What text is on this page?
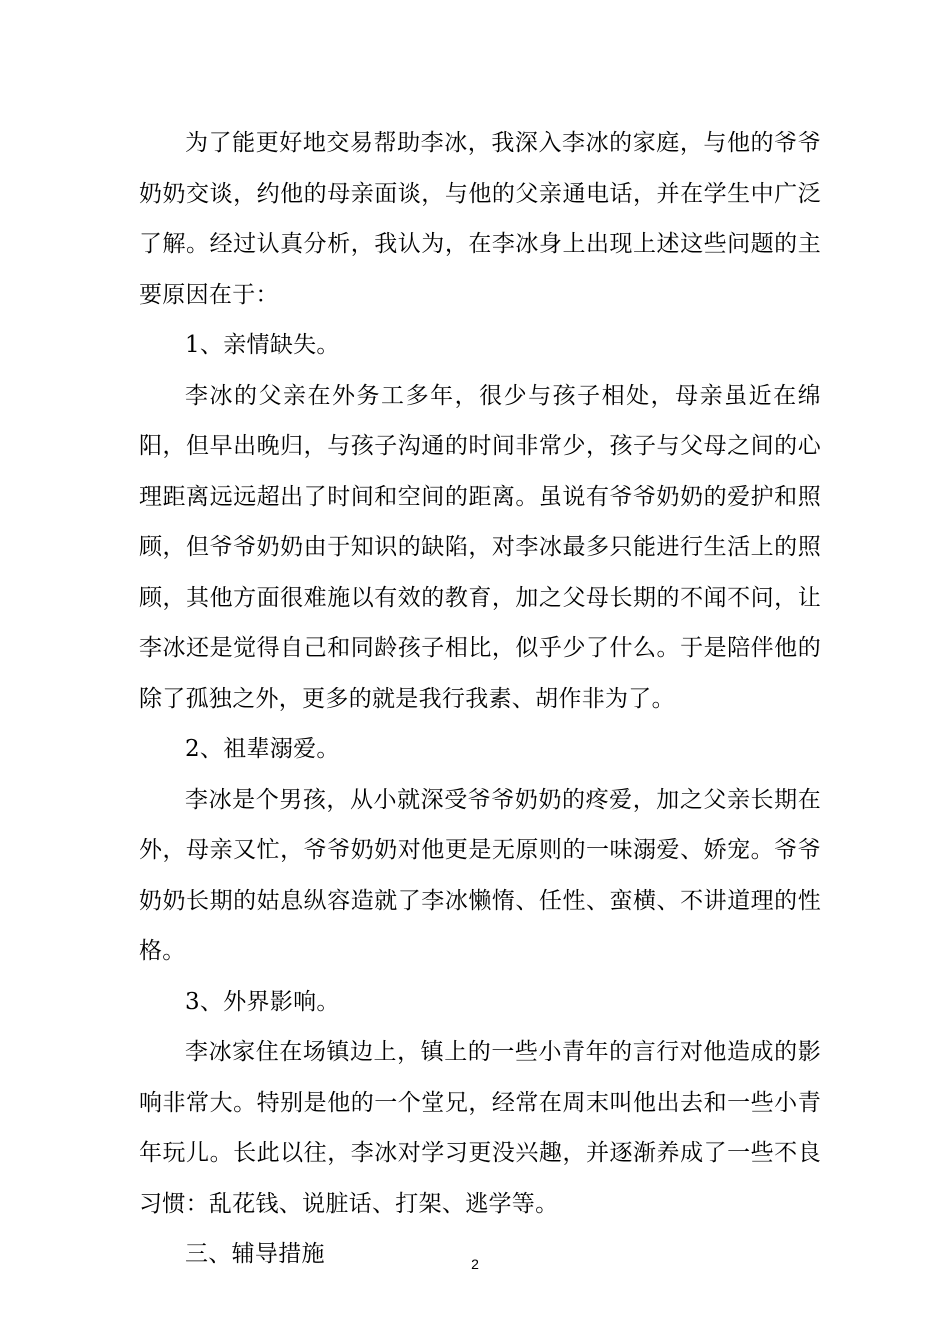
为了能更好地交易帮助李冰，我深入李冰的家庭，与他的爷爷奶奶交谈，约他的母亲面谈，与他的父亲通电话，并在学生中广泛了解。经过认真分析，我认为，在李冰身上出现上述这些问题的主要原因在于：

1、亲情缺失。

李冰的父亲在外务工多年，很少与孩子相处，母亲虽近在绵阳，但早出晚归，与孩子沟通的时间非常少，孩子与父母之间的心理距离远远超出了时间和空间的距离。虽说有爷爷奶奶的爱护和照顾，但爷爷奶奶由于知识的缺陷，对李冰最多只能进行生活上的照顾，其他方面很难施以有效的教育，加之父母长期的不闻不问，让李冰还是觉得自己和同龄孩子相比，似乎少了什么。于是陪伴他的除了孤独之外，更多的就是我行我素、胡作非为了。

2、祖辈溺爱。

李冰是个男孩，从小就深受爷爷奶奶的疼爱，加之父亲长期在外，母亲又忙，爷爷奶奶对他更是无原则的一味溺爱、娇宠。爷爷奶奶长期的姑息纵容造就了李冰懒惰、任性、蛮横、不讲道理的性格。

3、外界影响。

李冰家住在场镇边上，镇上的一些小青年的言行对他造成的影响非常大。特别是他的一个堂兄，经常在周末叫他出去和一些小青年玩儿。长此以往，李冰对学习更没兴趣，并逐渐养成了一些不良习惯：乱花钱、说脏话、打架、逃学等。

三、辅导措施	2
